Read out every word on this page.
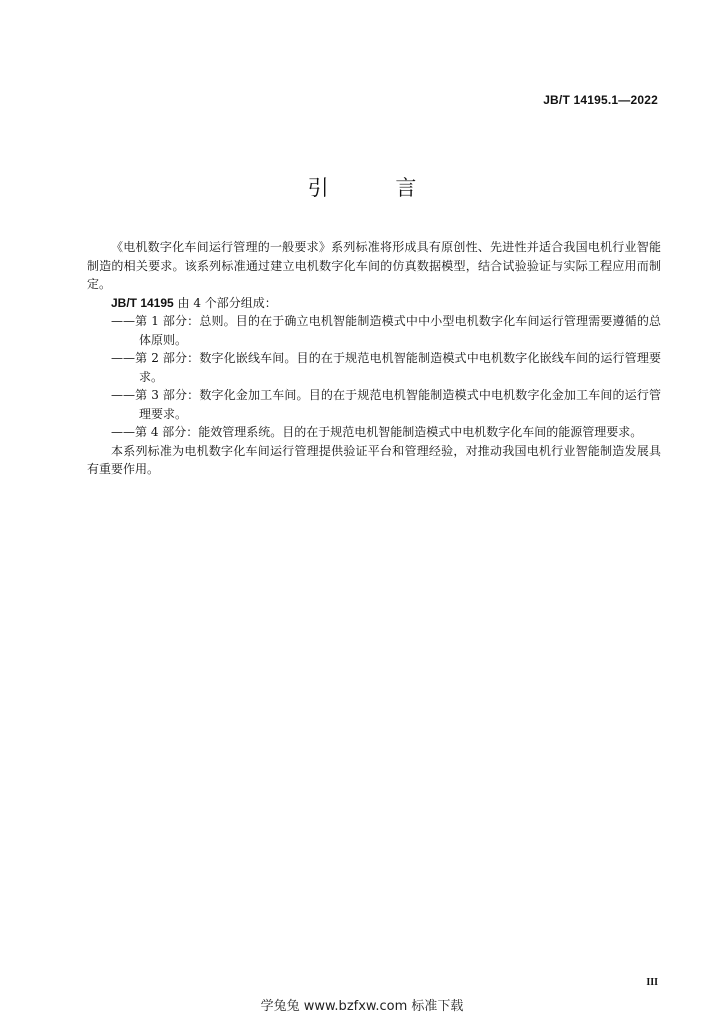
JB/T 14195.1—2022
引 言

《电机数字化车间运行管理的一般要求》系列标准将形成具有原创性、先进性并适合我国电机行业智能制造的相关要求。该系列标准通过建立电机数字化车间的仿真数据模型，结合试验验证与实际工程应用而制定。

JB/T 14195 由 4 个部分组成：

——第 1 部分：总则。目的在于确立电机智能制造模式中中小型电机数字化车间运行管理需要遵循的总体原则。

——第 2 部分：数字化嵌线车间。目的在于规范电机智能制造模式中电机数字化嵌线车间的运行管理要求。

——第 3 部分：数字化金加工车间。目的在于规范电机智能制造模式中电机数字化金加工车间的运行管理要求。

——第 4 部分：能效管理系统。目的在于规范电机智能制造模式中电机数字化车间的能源管理要求。

本系列标准为电机数字化车间运行管理提供验证平台和管理经验，对推动我国电机行业智能制造发展具有重要作用。

III
学兔兔 www.bzfxw.com 标准下载
